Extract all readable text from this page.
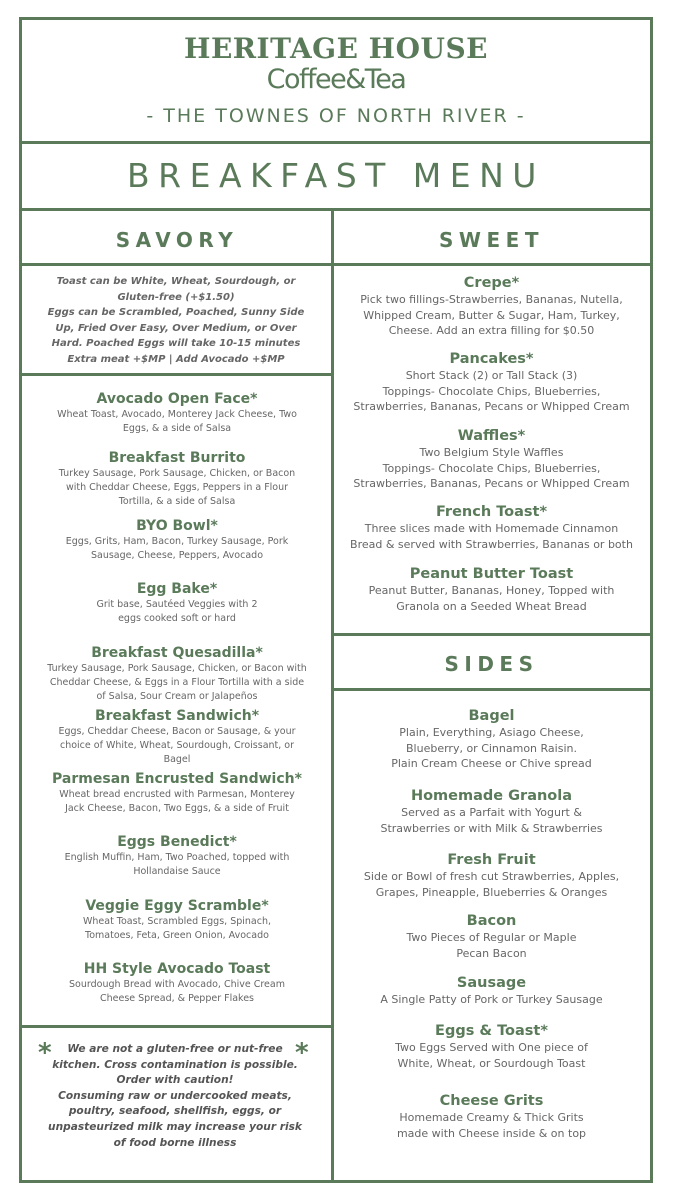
HERITAGE HOUSE
Coffee&Tea
- THE TOWNES OF NORTH RIVER -
BREAKFAST MENU
SAVORY	SWEET
SIDES
Toast can be White, Wheat, Sourdough, or
Gluten-free (+$1.50)
Eggs can be Scrambled, Poached, Sunny Side
Up, Fried Over Easy, Over Medium, or Over
Hard. Poached Eggs will take 10-15 minutes
Extra meat +$MP | Add Avocado +$MP
Avocado Open Face*
Wheat Toast, Avocado, Monterey Jack Cheese, Two
Eggs, & a side of Salsa
Breakfast Burrito
Turkey Sausage, Pork Sausage, Chicken, or Bacon
with Cheddar Cheese, Eggs, Peppers in a Flour
Tortilla, & a side of Salsa
BYO Bowl*
Eggs, Grits, Ham, Bacon, Turkey Sausage, Pork
Sausage, Cheese, Peppers, Avocado
Egg Bake*
Grit base, Sautéed Veggies with 2
eggs cooked soft or hard
Breakfast Quesadilla*
Turkey Sausage, Pork Sausage, Chicken, or Bacon with
Cheddar Cheese, & Eggs in a Flour Tortilla with a side
of Salsa, Sour Cream or Jalapeños
Breakfast Sandwich*
Eggs, Cheddar Cheese, Bacon or Sausage, & your
choice of White, Wheat, Sourdough, Croissant, or
Bagel
Parmesan Encrusted Sandwich*
Wheat bread encrusted with Parmesan, Monterey
Jack Cheese, Bacon, Two Eggs, & a side of Fruit
Eggs Benedict*
English Muffin, Ham, Two Poached, topped with
Hollandaise Sauce
Veggie Eggy Scramble*
Wheat Toast, Scrambled Eggs, Spinach,
Tomatoes, Feta, Green Onion, Avocado
HH Style Avocado Toast
Sourdough Bread with Avocado, Chive Cream
Cheese Spread, & Pepper Flakes
Crepe*
Pick two fillings-Strawberries, Bananas, Nutella,
Whipped Cream, Butter & Sugar, Ham, Turkey,
Cheese. Add an extra filling for $0.50
Pancakes*
Short Stack (2) or Tall Stack (3)
Toppings- Chocolate Chips, Blueberries,
Strawberries, Bananas, Pecans or Whipped Cream
Waffles*
Two Belgium Style Waffles
Toppings- Chocolate Chips, Blueberries,
Strawberries, Bananas, Pecans or Whipped Cream
French Toast*
Three slices made with Homemade Cinnamon
Bread & served with Strawberries, Bananas or both
Peanut Butter Toast
Peanut Butter, Bananas, Honey, Topped with
Granola on a Seeded Wheat Bread
Bagel
Plain, Everything, Asiago Cheese,
Blueberry, or Cinnamon Raisin.
Plain Cream Cheese or Chive spread
Homemade Granola
Served as a Parfait with Yogurt &
Strawberries or with Milk & Strawberries
Fresh Fruit
Side or Bowl of fresh cut Strawberries, Apples,
Grapes, Pineapple, Blueberries & Oranges
Bacon
Two Pieces of Regular or Maple
Pecan Bacon
Sausage
A Single Patty of Pork or Turkey Sausage
Eggs & Toast*
Two Eggs Served with One piece of
White, Wheat, or Sourdough Toast
Cheese Grits
Homemade Creamy & Thick Grits
made with Cheese inside & on top
*	*
We are not a gluten-free or nut-free
kitchen. Cross contamination is possible.
Order with caution!
Consuming raw or undercooked meats,
poultry, seafood, shellfish, eggs, or
unpasteurized milk may increase your risk
of food borne illness
